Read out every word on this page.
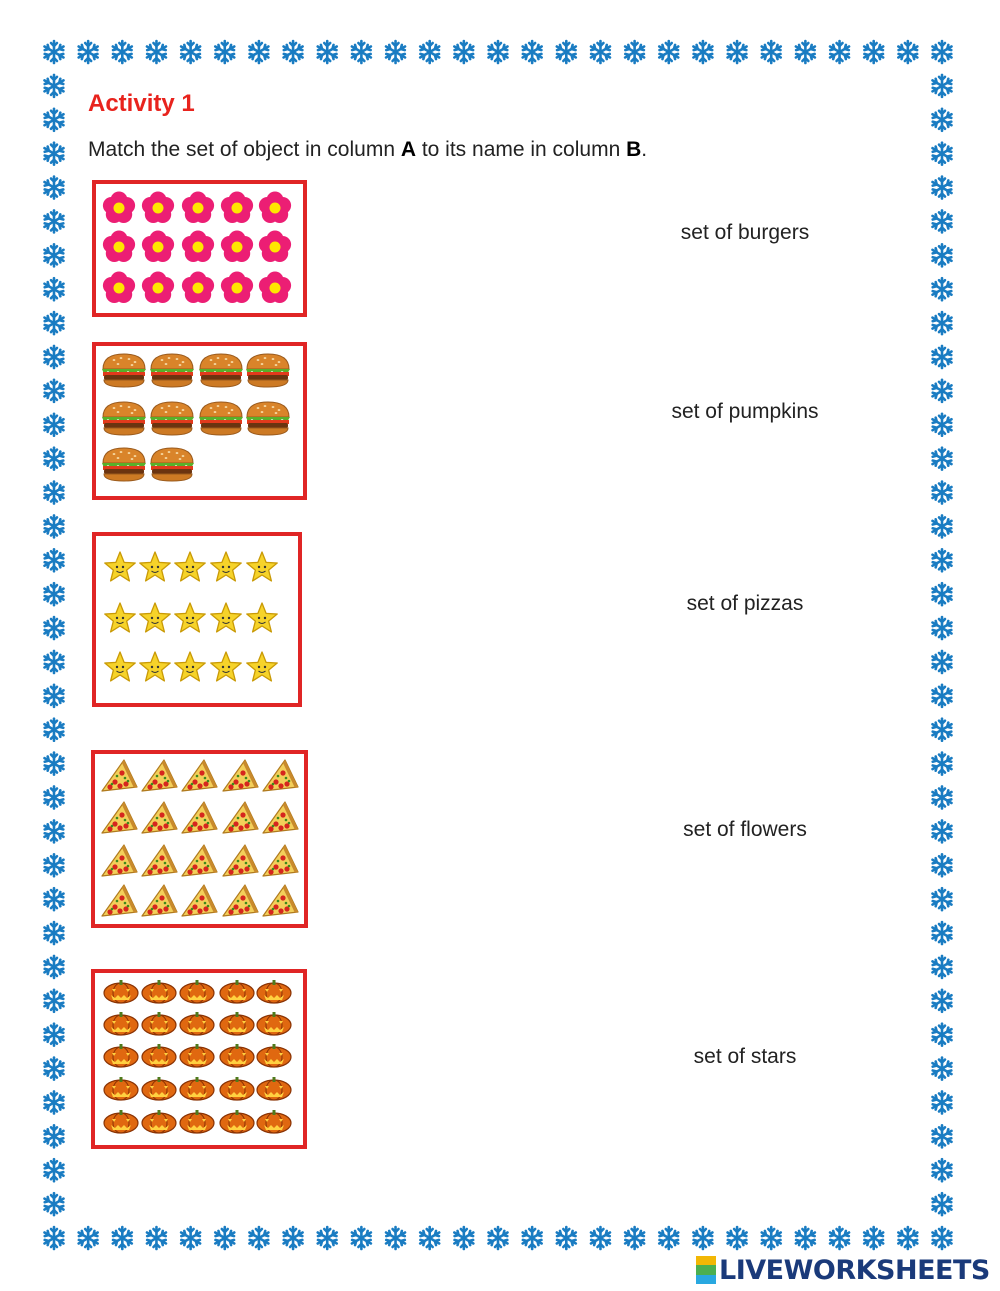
Activity 1

Match the set of object in column A to its name in column B.

set of burgers
set of pumpkins
set of pizzas
set of flowers
set of stars
LIVEWORKSHEETS
